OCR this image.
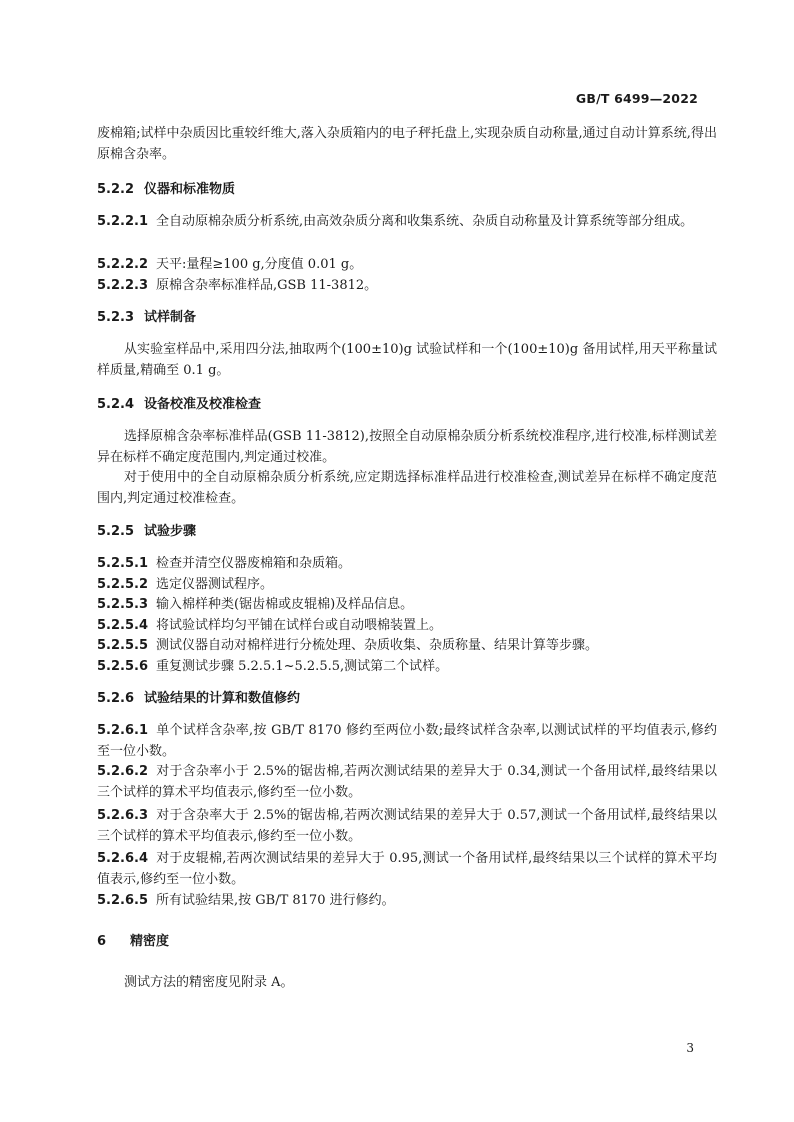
GB/T 6499—2022
废棉箱;试样中杂质因比重较纤维大,落入杂质箱内的电子秤托盘上,实现杂质自动称量,通过自动计算系统,得出原棉含杂率。
5.2.2 仪器和标准物质
5.2.2.1 全自动原棉杂质分析系统,由高效杂质分离和收集系统、杂质自动称量及计算系统等部分组成。
5.2.2.2 天平:量程≥100 g,分度值 0.01 g。
5.2.2.3 原棉含杂率标准样品,GSB 11-3812。
5.2.3 试样制备
从实验室样品中,采用四分法,抽取两个(100±10)g 试验试样和一个(100±10)g 备用试样,用天平称量试样质量,精确至 0.1 g。
5.2.4 设备校准及校准检查
选择原棉含杂率标准样品(GSB 11-3812),按照全自动原棉杂质分析系统校准程序,进行校准,标样测试差异在标样不确定度范围内,判定通过校准。
对于使用中的全自动原棉杂质分析系统,应定期选择标准样品进行校准检查,测试差异在标样不确定度范围内,判定通过校准检查。
5.2.5 试验步骤
5.2.5.1 检查并清空仪器废棉箱和杂质箱。
5.2.5.2 选定仪器测试程序。
5.2.5.3 输入棉样种类(锯齿棉或皮辊棉)及样品信息。
5.2.5.4 将试验试样均匀平铺在试样台或自动喂棉装置上。
5.2.5.5 测试仪器自动对棉样进行分梳处理、杂质收集、杂质称量、结果计算等步骤。
5.2.5.6 重复测试步骤 5.2.5.1~5.2.5.5,测试第二个试样。
5.2.6 试验结果的计算和数值修约
5.2.6.1 单个试样含杂率,按 GB/T 8170 修约至两位小数;最终试样含杂率,以测试试样的平均值表示,修约至一位小数。
5.2.6.2 对于含杂率小于 2.5%的锯齿棉,若两次测试结果的差异大于 0.34,测试一个备用试样,最终结果以三个试样的算术平均值表示,修约至一位小数。
5.2.6.3 对于含杂率大于 2.5%的锯齿棉,若两次测试结果的差异大于 0.57,测试一个备用试样,最终结果以三个试样的算术平均值表示,修约至一位小数。
5.2.6.4 对于皮辊棉,若两次测试结果的差异大于 0.95,测试一个备用试样,最终结果以三个试样的算术平均值表示,修约至一位小数。
5.2.6.5 所有试验结果,按 GB/T 8170 进行修约。
6 精密度
测试方法的精密度见附录 A。
3
